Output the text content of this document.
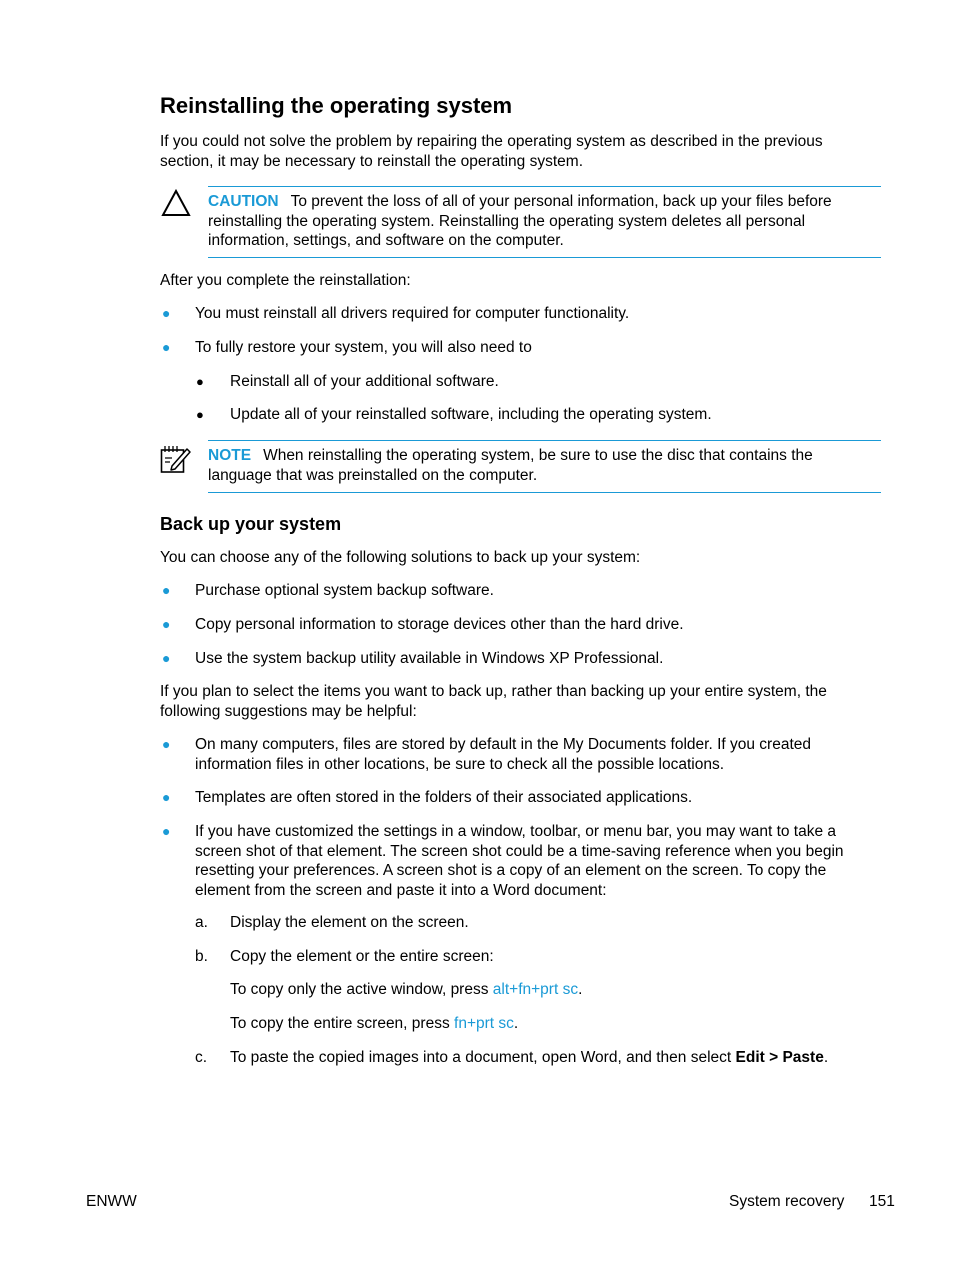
Reinstalling the operating system

If you could not solve the problem by repairing the operating system as described in the previous section, it may be necessary to reinstall the operating system.

CAUTION To prevent the loss of all of your personal information, back up your files before reinstalling the operating system. Reinstalling the operating system deletes all personal information, settings, and software on the computer.

After you complete the reinstallation:

● You must reinstall all drivers required for computer functionality.

● To fully restore your system, you will also need to

● Reinstall all of your additional software.

● Update all of your reinstalled software, including the operating system.

NOTE When reinstalling the operating system, be sure to use the disc that contains the language that was preinstalled on the computer.

Back up your system

You can choose any of the following solutions to back up your system:

● Purchase optional system backup software.

● Copy personal information to storage devices other than the hard drive.

● Use the system backup utility available in Windows XP Professional.

If you plan to select the items you want to back up, rather than backing up your entire system, the following suggestions may be helpful:

● On many computers, files are stored by default in the My Documents folder. If you created information files in other locations, be sure to check all the possible locations.

● Templates are often stored in the folders of their associated applications.

● If you have customized the settings in a window, toolbar, or menu bar, you may want to take a screen shot of that element. The screen shot could be a time-saving reference when you begin resetting your preferences. A screen shot is a copy of an element on the screen. To copy the element from the screen and paste it into a Word document:

a. Display the element on the screen.

b. Copy the element or the entire screen:

To copy only the active window, press alt+fn+prt sc.

To copy the entire screen, press fn+prt sc.

c. To paste the copied images into a document, open Word, and then select Edit > Paste.

ENWW	System recovery 151
